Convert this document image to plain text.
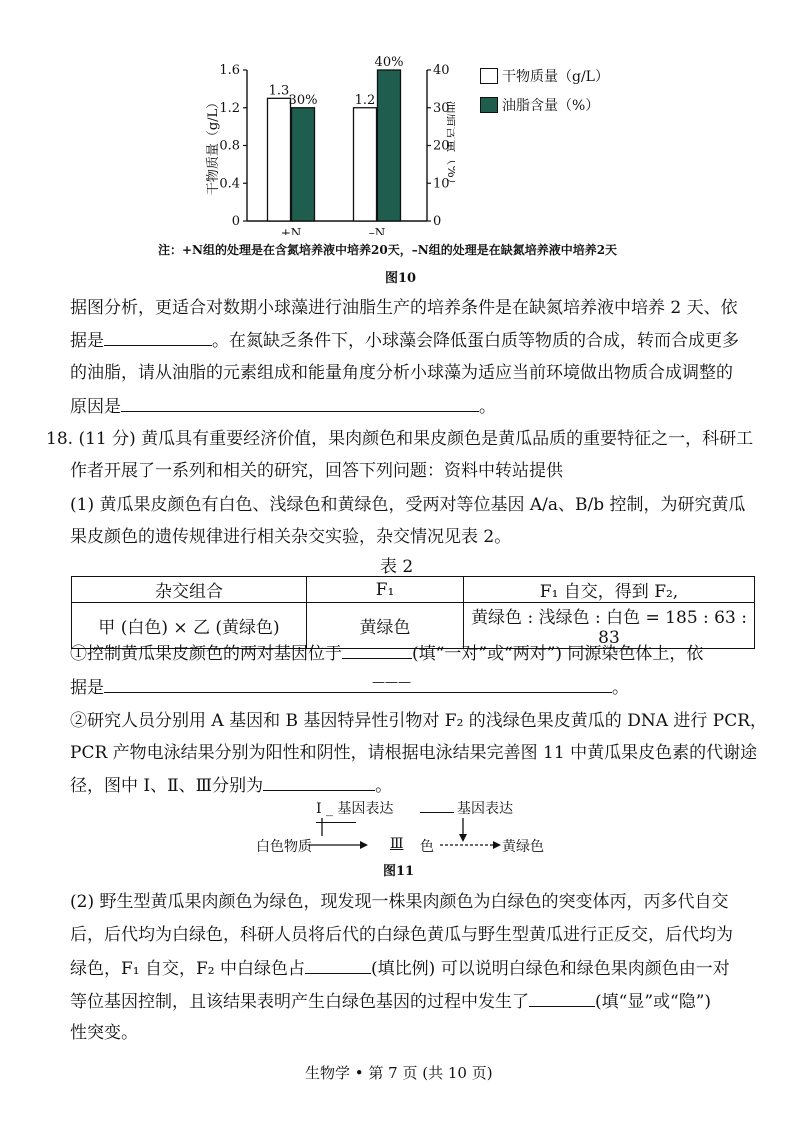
1.6
1.2
0.8
0.4
0
40
30
20
10
0
干物质量（g/L）	油脂含量（%）
1.3
30%
+N
1.2
40%
–N
干物质量（g/L）
油脂含量（%）
注：+N组的处理是在含氮培养液中培养20天，–N组的处理是在缺氮培养液中培养2天
图10
据图分析，更适合对数期小球藻进行油脂生产的培养条件是在缺氮培养液中培养 2 天、依
据是	。在氮缺乏条件下，小球藻会降低蛋白质等物质的合成，转而合成更多
的油脂，请从油脂的元素组成和能量角度分析小球藻为适应当前环境做出物质合成调整的
原因是	。
18. (11 分) 黄瓜具有重要经济价值，果肉颜色和果皮颜色是黄瓜品质的重要特征之一，科研工
作者开展了一系列和相关的研究，回答下列问题：资料中转站提供
(1) 黄瓜果皮颜色有白色、浅绿色和黄绿色，受两对等位基因 A/a、B/b 控制，为研究黄瓜
果皮颜色的遗传规律进行相关杂交实验，杂交情况见表 2。
表 2
杂交组合	F₁	F₁ 自交，得到 F₂,
甲 (白色) × 乙 (黄绿色)	黄绿色	黄绿色 : 浅绿色 : 白色 = 185 : 63 : 83
①控制黄瓜果皮颜色的两对基因位于	(填“一对”或“两对”) 同源染色体上，依
据是	。
———
②研究人员分别用 A 基因和 B 基因特异性引物对 F₂ 的浅绿色果皮黄瓜的 DNA 进行 PCR，
PCR 产物电泳结果分别为阳性和阴性，请根据电泳结果完善图 11 中黄瓜果皮色素的代谢途
径，图中 Ⅰ、Ⅱ、Ⅲ分别为	。
Ⅰ _ 基因表达	基因表达
白色物质	Ⅲ 色	黄绿色
图11
(2) 野生型黄瓜果肉颜色为绿色，现发现一株果肉颜色为白绿色的突变体丙，丙多代自交
后，后代均为白绿色，科研人员将后代的白绿色黄瓜与野生型黄瓜进行正反交，后代均为
绿色，F₁ 自交，F₂ 中白绿色占	(填比例) 可以说明白绿色和绿色果肉颜色由一对
等位基因控制，且该结果表明产生白绿色基因的过程中发生了	(填“显”或“隐”)
性突变。
生物学 • 第 7 页 (共 10 页)
